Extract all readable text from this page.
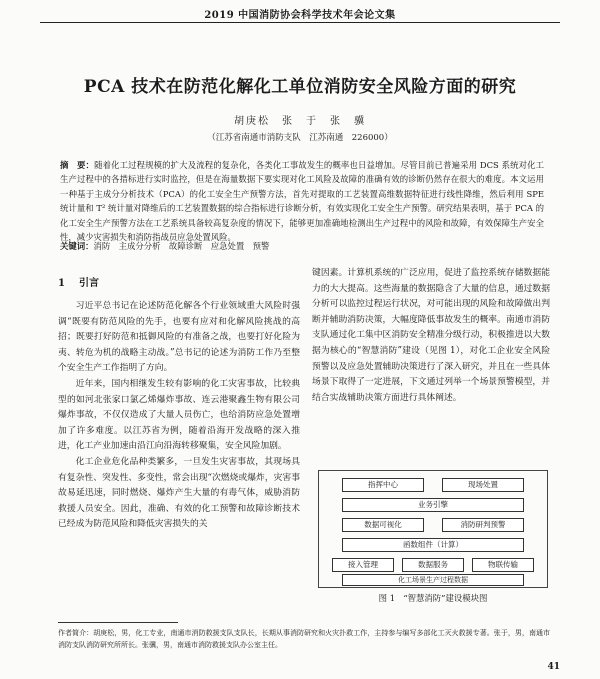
2019 中国消防协会科学技术年会论文集
PCA 技术在防范化解化工单位消防安全风险方面的研究
胡庚松　张　于　张　骥
（江苏省南通市消防支队　江苏南通　226000）
摘　要：随着化工过程规模的扩大及流程的复杂化，各类化工事故发生的概率也日益增加。尽管目前已普遍采用 DCS 系统对化工生产过程中的各措标进行实时监控，但是在海量数据下要实现对化工风险及故障的准确有效的诊断仍然存在很大的难度。本文运用一种基于主成分分析技术（PCA）的化工安全生产预警方法，首先对提取的工艺装置高维数据特征进行线性降维，然后利用 SPE 统计量和 T² 统计量对降维后的工艺装置数据的综合指标进行诊断分析，有效实现化工安全生产预警。研究结果表明，基于 PCA 的化工安全生产预警方法在工艺系统具备较高复杂度的情况下，能够更加准确地检测出生产过程中的风险和故障，有效保障生产安全性，减少灾害损失和消防指战员应急处置风险。
关键词：消防　主成分分析　故障诊断　应急处置　预警
1 引言

习近平总书记在论述防范化解各个行业领域重大风险时强调“既要有防范风险的先手，也要有应对和化解风险挑战的高招；既要打好防范和抵御风险的有准备之战，也要打好化险为夷、转危为机的战略主动战。”总书记的论述为消防工作乃至整个安全生产工作指明了方向。

近年来，国内相继发生较有影响的化工灾害事故，比较典型的如河北张家口氯乙烯爆炸事故、连云港聚鑫生物有限公司爆炸事故，不仅仅造成了大量人员伤亡，也给消防应急处置增加了许多难度。以江苏省为例，随着沿海开发战略的深入推进，化工产业加速由沿江向沿海转移聚集，安全风险加剧。

化工企业危化品种类繁多，一旦发生灾害事故，其现场具有复杂性、突发性、多变性，常会出现“次燃烧或爆炸，灾害事故易延迅速，同时燃烧、爆炸产生大量的有毒气体，威胁消防救援人员安全。因此，准确、有效的化工预警和故障诊断技术已经成为防范风险和降低灾害损失的关

键因素。计算机系统的广泛应用，促进了监控系统存储数据能力的大大提高。这些海量的数据隐含了大量的信息，通过数据分析可以监控过程运行状况，对可能出现的风险和故障做出判断并辅助消防决策，大幅度降低事故发生的概率。南通市消防支队通过化工集中区消防安全精准分级行动，积极推进以大数据为核心的“智慧消防”建设（见图 1），对化工企业安全风险预警以及应急处置辅助决策进行了深入研究，并且在一些具体场景下取得了一定进展，下文通过列举一个场景预警模型，并结合实战辅助决策方面进行具体阐述。

指挥中心	现场处置
业务引擎
数据可视化	消防研判预警
函数组件（计算）
接入管理	数据服务	物联传输
化工场景生产过程数据
图 1　“智慧消防”建设模块图
作者简介：胡庚松，男，化工专业，南通市消防救援支队支队长，长期从事消防研究和火灾扑救工作，主持参与编写多部化工灭火救援专著。张于，男，南通市消防支队消防研究所所长。张骥，男，南通市消防救援支队办公室主任。
41
